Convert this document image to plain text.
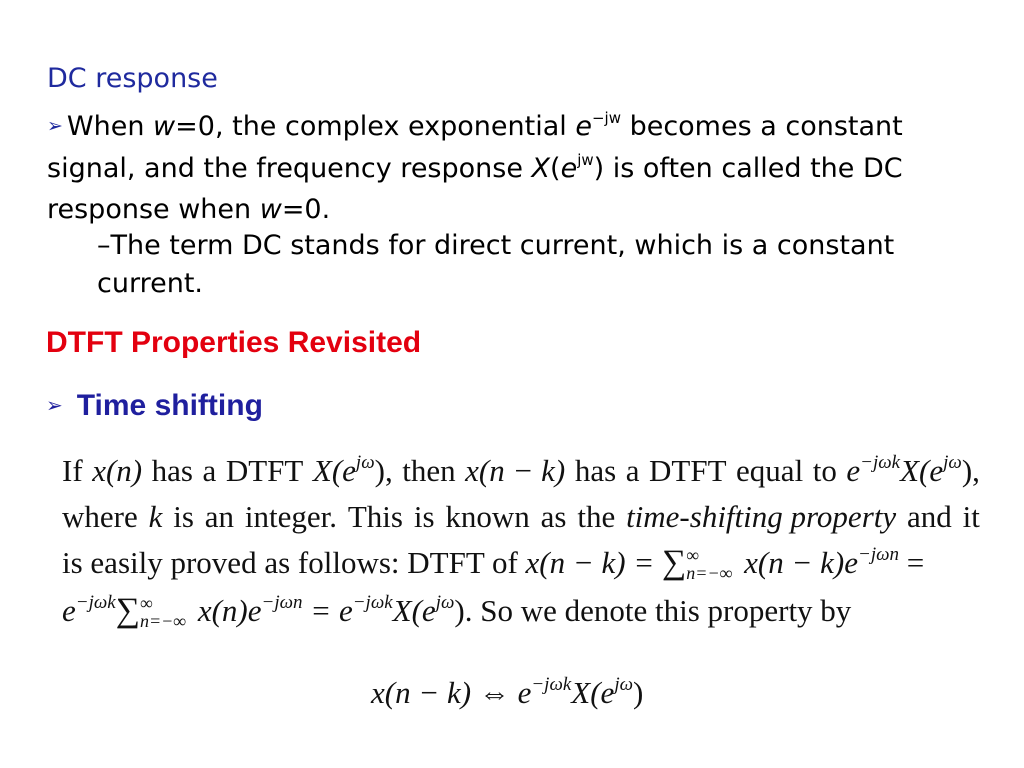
DC response
➢ When w=0, the complex exponential $e^{-jw}$ becomes a constant signal, and the frequency response $X(e^{jw})$ is often called the DC response when w=0.
–The term DC stands for direct current, which is a constant current.
DTFT Properties Revisited
➢ Time shifting
If x(n) has a DTFT $X(e^{j\omega})$, then x(n − k) has a DTFT equal to $e^{-j\omega k}X(e^{j\omega})$,
where k is an integer. This is known as the time-shifting property and it
is easily proved as follows: DTFT of x(n − k) = ∑ ∞
n=−∞ $x(n - k)e^{-j\omega n}$ =
$e^{-j\omega k}\sum$ ∞
n=−∞ $x(n)e^{-j\omega n} = e^{-j\omega k}X(e^{j\omega})$. So we denote this property by
x(n − k) ⇔ $e^{-j\omega k}X(e^{j\omega})$
